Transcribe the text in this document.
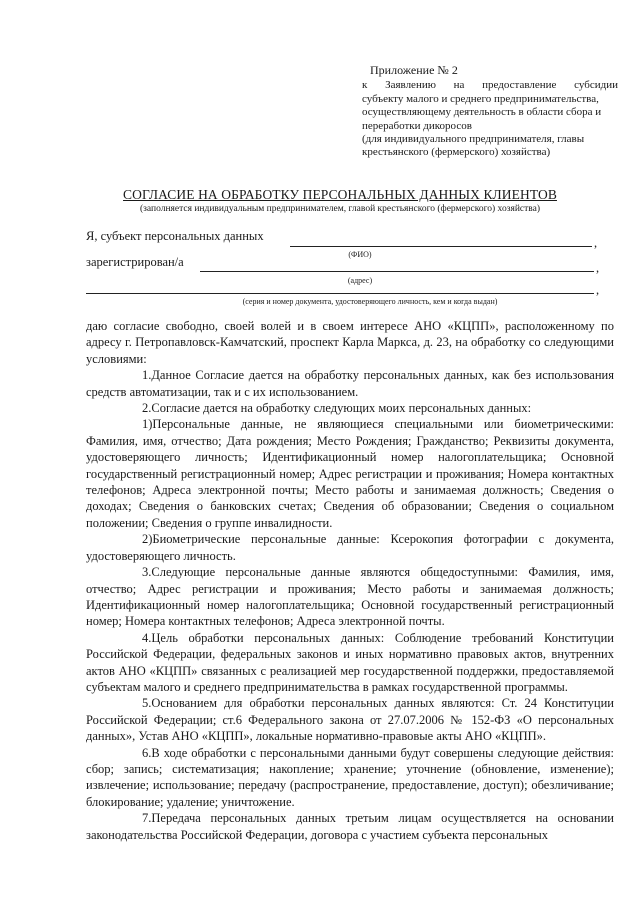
Приложение № 2
к Заявлению на предоставление субсидии
субъекту малого и среднего предпринимательства,
осуществляющему деятельность в области сбора и
переработки дикоросов
(для индивидуального предпринимателя, главы
крестьянского (фермерского) хозяйства)
СОГЛАСИЕ НА ОБРАБОТКУ ПЕРСОНАЛЬНЫХ ДАННЫХ КЛИЕНТОВ
(заполняется индивидуальным предпринимателем, главой крестьянского (фермерского) хозяйства)
Я, субъект персональных данных	,
(ФИО)
зарегистрирован/а	,
(адрес)
,
(серия и номер документа, удостоверяющего личность, кем и когда выдан)

даю согласие свободно, своей волей и в своем интересе АНО «КЦПП», расположенному по адресу г. Петропавловск-Камчатский, проспект Карла Маркса, д. 23, на обработку со следующими условиями:

1.Данное Согласие дается на обработку персональных данных, как без использования средств автоматизации, так и с их использованием.

2.Согласие дается на обработку следующих моих персональных данных:

1)Персональные данные, не являющиеся специальными или биометрическими: Фамилия, имя, отчество; Дата рождения; Место Рождения; Гражданство; Реквизиты документа, удостоверяющего личность; Идентификационный номер налогоплательщика; Основной государственный регистрационный номер; Адрес регистрации и проживания; Номера контактных телефонов; Адреса электронной почты; Место работы и занимаемая должность; Сведения о доходах; Сведения о банковских счетах; Сведения об образовании; Сведения о социальном положении; Сведения о группе инвалидности.

2)Биометрические персональные данные: Ксерокопия фотографии с документа, удостоверяющего личность.

3.Следующие персональные данные являются общедоступными: Фамилия, имя, отчество; Адрес регистрации и проживания; Место работы и занимаемая должность; Идентификационный номер налогоплательщика; Основной государственный регистрационный номер; Номера контактных телефонов; Адреса электронной почты.

4.Цель обработки персональных данных: Соблюдение требований Конституции Российской Федерации, федеральных законов и иных нормативно правовых актов, внутренних актов АНО «КЦПП» связанных с реализацией мер государственной поддержки, предоставляемой субъектам малого и среднего предпринимательства в рамках государственной программы.

5.Основанием для обработки персональных данных являются: Ст. 24 Конституции Российской Федерации; ст.6 Федерального закона от 27.07.2006 № 152-ФЗ «О персональных данных», Устав АНО «КЦПП», локальные нормативно-правовые акты АНО «КЦПП».

6.В ходе обработки с персональными данными будут совершены следующие действия: сбор; запись; систематизация; накопление; хранение; уточнение (обновление, изменение); извлечение; использование; передачу (распространение, предоставление, доступ); обезличивание; блокирование; удаление; уничтожение.

7.Передача персональных данных третьим лицам осуществляется на основании законодательства Российской Федерации, договора с участием субъекта персональных
